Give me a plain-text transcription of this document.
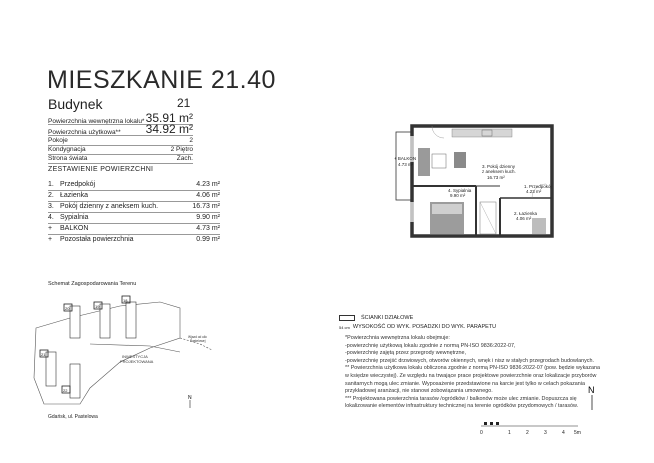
MIESZKANIE 21.40
Budynek	21
Powierzchnia wewnętrzna lokalu* 35.91 m²
Powierzchnia użytkowa** 34.92 m²
Pokoje	2
Kondygnacja	2 Piętro
Strona świata	Zach.
ZESTAWIENIE POWIERZCHNI
1. Przedpokój	4.23 m²
2. Łazienka	4.06 m²
3. Pokój dzienny z aneksem kuch.	16.73 m²
4. Sypialnia	9.90 m²
+	BALKON	4.73 m²
+	Pozostała powierzchnia	0.99 m²
+ BALKON
4.73 m²	3. Pokój dzienny
z aneksem kuch.
16.73 m²
4. Sypialnia
9.90 m²
1. Przedpokój
4.23 m²
2. Łazienka
4.06 m²
Schemat Zagospodarowania Terenu
20	19
18
21
22
INWESTYCJA
PROJEKTOWANA
Wjazd od ulic
Pastelowej
Gdańsk, ul. Pastelowa
N
N
ŚCIANKI DZIAŁOWE
54 cm WYSOKOŚĆ OD WYK. POSADZKI DO WYK. PARAPETU
*Powierzchnia wewnętrzna lokalu obejmuje:
-powierzchnię użytkową lokalu zgodnie z normą PN-ISO 9836:2022-07,
-powierzchnię zajętą przez przegrody wewnętrzne,
-powierzchnię przejść drzwiowych, otworów okiennych, wnęk i nisz w stałych przegrodach budowlanych.
** Powierzchnia użytkowa lokalu obliczona zgodnie z normą PN-ISO 9836:2022-07 (pow. będzie wykazana
w księdze wieczystej). Ze względu na trwające prace projektowe powierzchnie oraz lokalizacje przyborów
sanitarnych mogą ulec zmianie. Wyposażenie przedstawione na karcie jest tylko w celach pokazania
przykładowej aranżacji, nie stanowi zobowiązania umownego.
*** Projektowana powierzchnia tarasów /ogródków / balkonów może ulec zmianie. Dopuszcza się
lokalizowanie elementów infrastruktury technicznej na terenie ogródków przydomowych / tarasów.
0	1	2	3	4 5m
